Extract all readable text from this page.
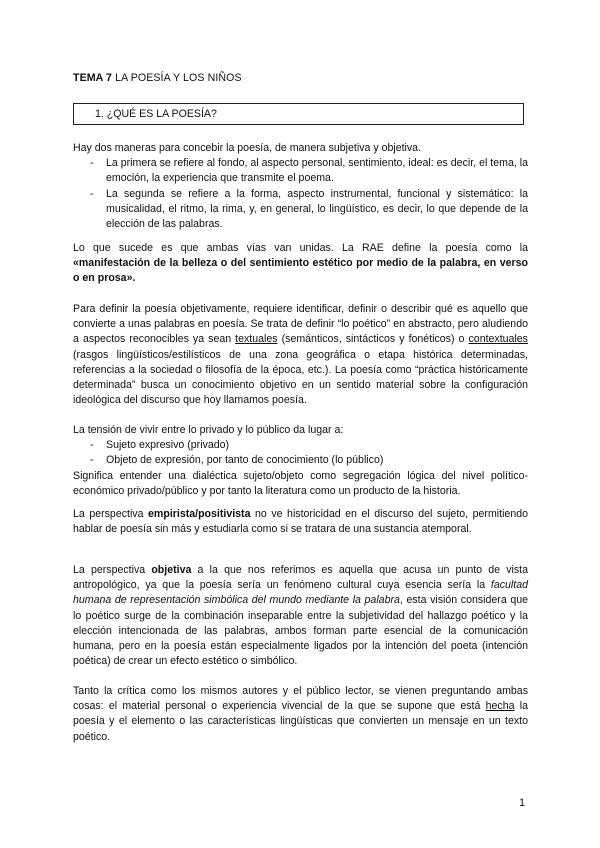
TEMA 7 LA POESÍA Y LOS NIÑOS
1. ¿QUÉ ES LA POESÍA?
Hay dos maneras para concebir la poesía, de manera subjetiva y objetiva.
- La primera se refiere al fondo, al aspecto personal, sentimiento, ideal: es decir, el tema, la emoción, la experiencia que transmite el poema.
- La segunda se refiere a la forma, aspecto instrumental, funcional y sistemático: la musicalidad, el ritmo, la rima, y, en general, lo lingüístico, es decir, lo que depende de la elección de las palabras.

Lo que sucede es que ambas vías van unidas. La RAE define la poesía como la «manifestación de la belleza o del sentimiento estético por medio de la palabra, en verso o en prosa».

Para definir la poesía objetivamente, requiere identificar, definir o describir qué es aquello que convierte a unas palabras en poesía. Se trata de definir “lo poético” en abstracto, pero aludiendo a aspectos reconocibles ya sean textuales (semánticos, sintácticos y fonéticos) o contextuales (rasgos lingüísticos/estilísticos de una zona geográfica o etapa histórica determinadas, referencias a la sociedad o filosofía de la época, etc.). La poesía como “práctica históricamente determinada” busca un conocimiento objetivo en un sentido material sobre la configuración ideológica del discurso que hoy llamamos poesía.

La tensión de vivir entre lo privado y lo público da lugar a:
- Sujeto expresivo (privado)
- Objeto de expresión, por tanto de conocimiento (lo público)
Significa entender una dialéctica sujeto/objeto como segregación lógica del nivel político-económico privado/público y por tanto la literatura como un producto de la historia.

La perspectiva empirista/positivista no ve historicidad en el discurso del sujeto, permitiendo hablar de poesía sin más y estudiarla como si se tratara de una sustancia atemporal.

La perspectiva objetiva a la que nos referimos es aquella que acusa un punto de vista antropológico, ya que la poesía sería un fenómeno cultural cuya esencia sería la facultad humana de representación simbólica del mundo mediante la palabra, esta visión considera que lo poético surge de la combinación inseparable entre la subjetividad del hallazgo poético y la elección intencionada de las palabras, ambos forman parte esencial de la comunicación humana, pero en la poesía están especialmente ligados por la intención del poeta (intención poética) de crear un efecto estético o simbólico.

Tanto la crítica como los mismos autores y el público lector, se vienen preguntando ambas cosas: el material personal o experiencia vivencial de la que se supone que está hecha la poesía y el elemento o las características lingüísticas que convierten un mensaje en un texto poético.

1
